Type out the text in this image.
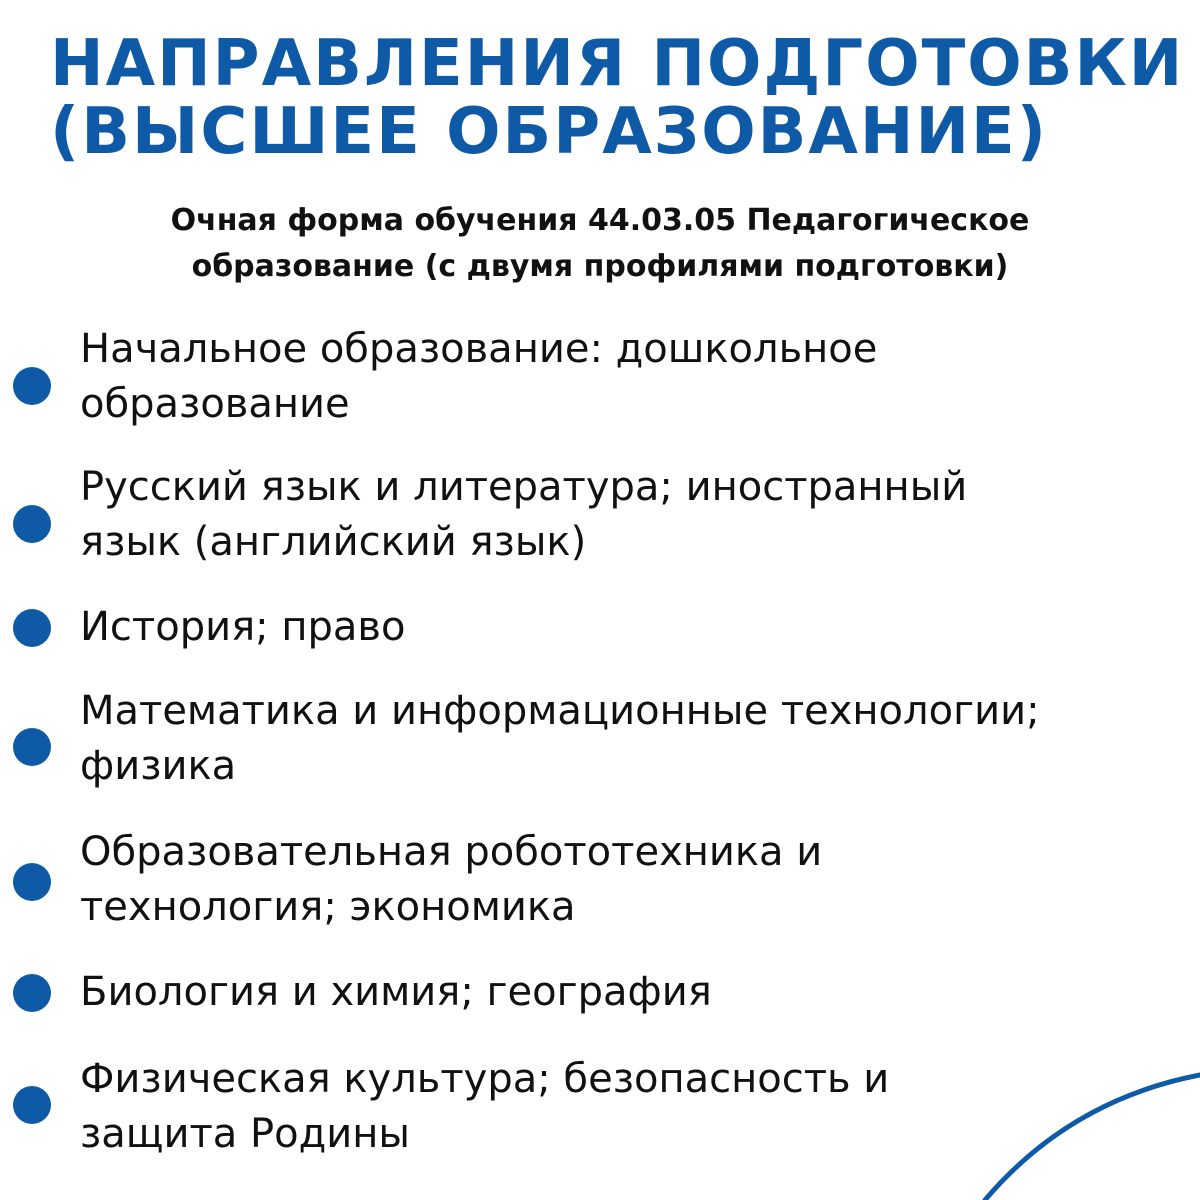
НАПРАВЛЕНИЯ ПОДГОТОВКИ
(ВЫСШЕЕ ОБРАЗОВАНИЕ)
Очная форма обучения 44.03.05 Педагогическое
образование (с двумя профилями подготовки)
Начальное образование: дошкольное
образование
Русский язык и литература; иностранный
язык (английский язык)
История; право
Математика и информационные технологии;
физика
Образовательная робототехника и
технология; экономика
Биология и химия; география
Физическая культура; безопасность и
защита Родины
